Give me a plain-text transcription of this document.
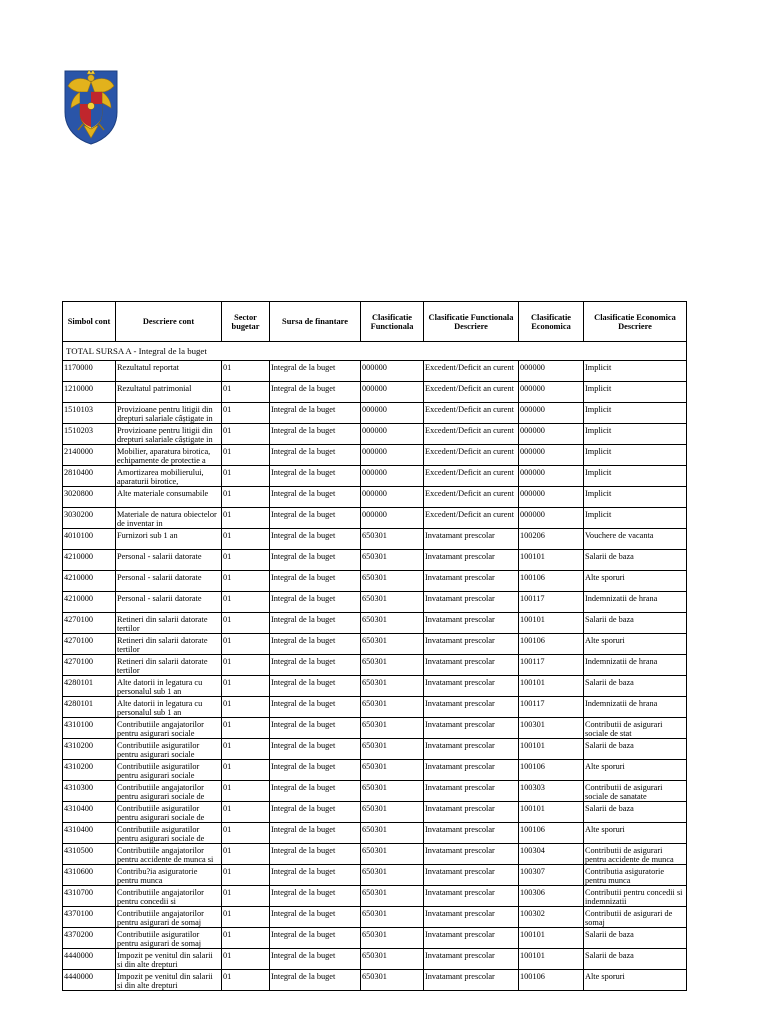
Simbol cont	Descriere cont	Sector bugetar	Sursa de finantare	Clasificatie Functionala	Clasificatie Functionala Descriere	Clasificatie Economica	Clasificatie Economica Descriere
TOTAL SURSA A - Integral de la buget							

1170000	Rezultatul reportat	01	Integral de la buget	000000	Excedent/Deficit an curent	000000	Implicit

1210000	Rezultatul patrimonial	01	Integral de la buget	000000	Excedent/Deficit an curent	000000	Implicit

1510103	Provizioane pentru litigii din drepturi salariale câștigate in	01	Integral de la buget	000000	Excedent/Deficit an curent	000000	Implicit

1510203	Provizioane pentru litigii din drepturi salariale câștigate in	01	Integral de la buget	000000	Excedent/Deficit an curent	000000	Implicit

2140000	Mobilier, aparatura birotica, echipamente de protectie a	01	Integral de la buget	000000	Excedent/Deficit an curent	000000	Implicit

2810400	Amortizarea mobilierului, aparaturii birotice,	01	Integral de la buget	000000	Excedent/Deficit an curent	000000	Implicit

3020800	Alte materiale consumabile	01	Integral de la buget	000000	Excedent/Deficit an curent	000000	Implicit

3030200	Materiale de natura obiectelor de inventar in	01	Integral de la buget	000000	Excedent/Deficit an curent	000000	Implicit

4010100	Furnizori sub 1 an	01	Integral de la buget	650301	Invatamant prescolar	100206	Vouchere de vacanta

4210000	Personal - salarii datorate	01	Integral de la buget	650301	Invatamant prescolar	100101	Salarii de baza

4210000	Personal - salarii datorate	01	Integral de la buget	650301	Invatamant prescolar	100106	Alte sporuri

4210000	Personal - salarii datorate	01	Integral de la buget	650301	Invatamant prescolar	100117	Indemnizatii de hrana

4270100	Retineri din salarii datorate tertilor	01	Integral de la buget	650301	Invatamant prescolar	100101	Salarii de baza

4270100	Retineri din salarii datorate tertilor	01	Integral de la buget	650301	Invatamant prescolar	100106	Alte sporuri

4270100	Retineri din salarii datorate tertilor	01	Integral de la buget	650301	Invatamant prescolar	100117	Indemnizatii de hrana

4280101	Alte datorii in legatura cu personalul sub 1 an	01	Integral de la buget	650301	Invatamant prescolar	100101	Salarii de baza

4280101	Alte datorii in legatura cu personalul sub 1 an	01	Integral de la buget	650301	Invatamant prescolar	100117	Indemnizatii de hrana

4310100	Contributiile angajatorilor pentru asigurari sociale	01	Integral de la buget	650301	Invatamant prescolar	100301	Contributii de asigurari sociale de stat

4310200	Contributiile asiguratilor pentru asigurari sociale	01	Integral de la buget	650301	Invatamant prescolar	100101	Salarii de baza

4310200	Contributiile asiguratilor pentru asigurari sociale	01	Integral de la buget	650301	Invatamant prescolar	100106	Alte sporuri

4310300	Contributiile angajatorilor pentru asigurari sociale de	01	Integral de la buget	650301	Invatamant prescolar	100303	Contributii de asigurari sociale de sanatate

4310400	Contributiile asiguratilor pentru asigurari sociale de	01	Integral de la buget	650301	Invatamant prescolar	100101	Salarii de baza

4310400	Contributiile asiguratilor pentru asigurari sociale de	01	Integral de la buget	650301	Invatamant prescolar	100106	Alte sporuri

4310500	Contributiile angajatorilor pentru accidente de munca si	01	Integral de la buget	650301	Invatamant prescolar	100304	Contributii de asigurari pentru accidente de munca

4310600	Contribu?ia asiguratorie pentru munca	01	Integral de la buget	650301	Invatamant prescolar	100307	Contributia asiguratorie pentru munca

4310700	Contributiile angajatorilor pentru concedii si	01	Integral de la buget	650301	Invatamant prescolar	100306	Contributii pentru concedii si indemnizatii

4370100	Contributiile angajatorilor pentru asigurari de somaj	01	Integral de la buget	650301	Invatamant prescolar	100302	Contributii de asigurari de somaj

4370200	Contributiile asiguratilor pentru asigurari de somaj	01	Integral de la buget	650301	Invatamant prescolar	100101	Salarii de baza

4440000	Impozit pe venitul din salarii si din alte drepturi	01	Integral de la buget	650301	Invatamant prescolar	100101	Salarii de baza

4440000	Impozit pe venitul din salarii si din alte drepturi	01	Integral de la buget	650301	Invatamant prescolar	100106	Alte sporuri
